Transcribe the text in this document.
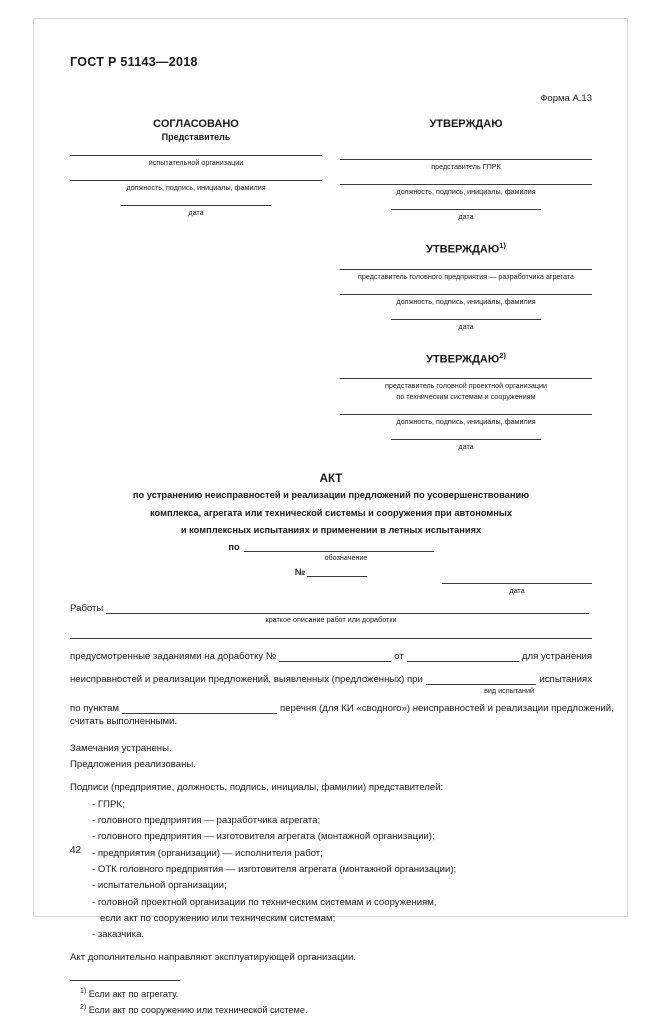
ГОСТ Р 51143—2018
Форма А.13
СОГЛАСОВАНО
Представитель
испытательной организации
должность, подпись, инициалы, фамилия
дата
УТВЕРЖДАЮ
представитель ГПРК
должность, подпись, инициалы, фамилия
дата
УТВЕРЖДАЮ$^{1)}$
представитель головного предприятия — разработчика агрегата
должность, подпись, инициалы, фамилия
дата
УТВЕРЖДАЮ$^{2)}$
представитель головной проектной организации
по техническим системам и сооружениям
должность, подпись, инициалы, фамилия
дата
АКТ
по устранению неисправностей и реализации предложений по усовершенствованию
комплекса, агрегата или технической системы и сооружения при автономных
и комплексных испытаниях и применении в летных испытаниях
по
обозначение
№
дата
Работы
краткое описание работ или доработки
предусмотренные заданиями на доработку №	от	для устранения
неисправностей и реализации предложений, выявленных (предложенных) при	испытаниях
вид испытаний
по пунктам	перечня (для КИ «сводного») неисправностей и реализации предложений,
считать выполненными.
Замечания устранены.
Предложения реализованы.
Подписи (предприятие, должность, подпись, инициалы, фамилии) представителей:
- ГПРК;
- головного предприятия — разработчика агрегата;
- головного предприятия — изготовителя агрегата (монтажной организации);
- предприятия (организации) — исполнителя работ;
- ОТК головного предприятия — изготовителя агрегата (монтажной организации);
- испытательной организации;
- головной проектной организации по техническим системам и сооружениям,
если акт по сооружению или техническим системам;
- заказчика.
Акт дополнительно направляют эксплуатирующей организации.
$^{1)}$ Если акт по агрегату.
$^{2)}$ Если акт по сооружению или технической системе.
42
